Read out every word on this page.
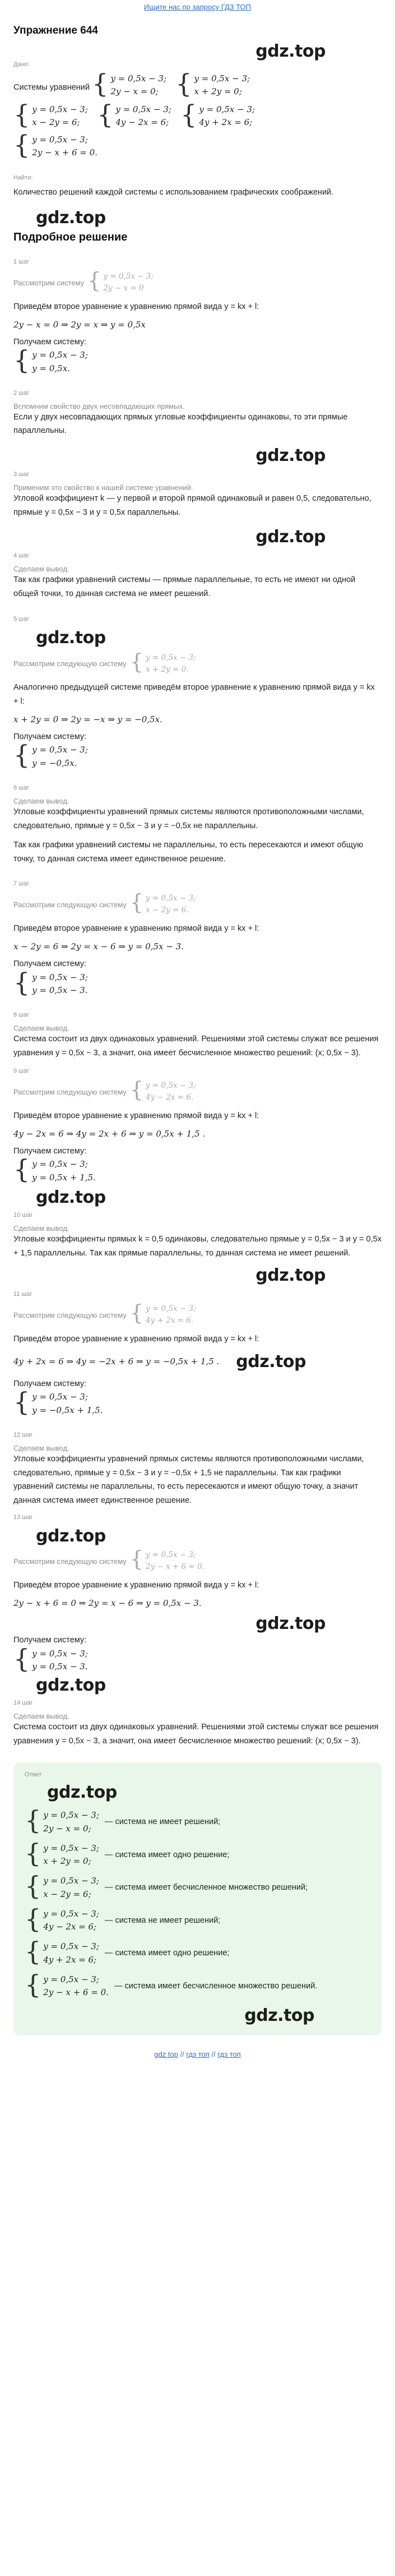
Ищите нас по запросу ГДЗ ТОП
Упражнение 644
gdz.top
Дано:
Системы уравнений { y = 0,5x − 3;
2y − x = 0;
{ y = 0,5x − 3;
x + 2y = 0;

{ y = 0,5x − 3;
x − 2y = 6;
{ y = 0,5x − 3;
4y − 2x = 6;
{ y = 0,5x − 3;
4y + 2x = 6;

{ y = 0,5x − 3;
2y − x + 6 = 0.
Найти:
Количество решений каждой системы с использованием графических соображений.
gdz.top
Подробное решение
1 шаг
Рассмотрим систему { y = 0,5x − 3;
2y − x = 0
Приведём второе уравнение к уравнению прямой вида y = kx + l:
2y − x = 0 ⇒ 2y = x ⇒ y = 0,5x
Получаем систему:
{ y = 0,5x − 3;
y = 0,5x.
2 шаг
Вспомним свойство двух несовпадающих прямых.
Если у двух несовпадающих прямых угловые коэффициенты одинаковы, то эти прямые параллельны.
gdz.top
3 шаг
Применим это свойство к нашей системе уравнений.
Угловой коэффициент k — у первой и второй прямой одинаковый и равен 0,5, следовательно, прямые y = 0,5x − 3 и y = 0,5x параллельны.
gdz.top
4 шаг
Сделаем вывод.
Так как графики уравнений системы — прямые параллельные, то есть не имеют ни одной общей точки, то данная система не имеет решений.
5 шаг
gdz.top
Рассмотрим следующую систему { y = 0,5x − 3;
x + 2y = 0.
Аналогично предыдущей системе приведём второе уравнение к уравнению прямой вида y = kx + l:
x + 2y = 0 ⇒ 2y = −x ⇒ y = −0,5x.
Получаем систему:
{ y = 0,5x − 3;
y = −0,5x.
6 шаг
Сделаем вывод.
Угловые коэффициенты уравнений прямых системы являются противоположными числами, следовательно, прямые y = 0,5x − 3 и y = −0,5x не параллельны.
Так как графики уравнений системы не параллельны, то есть пересекаются и имеют общую точку, то данная система имеет единственное решение.
7 шаг
Рассмотрим следующую систему { y = 0,5x − 3;
x − 2y = 6.
Приведём второе уравнение к уравнению прямой вида y = kx + l:
x − 2y = 6 ⇒ 2y = x − 6 ⇒ y = 0,5x − 3.
Получаем систему:
{ y = 0,5x − 3;
y = 0,5x − 3.
8 шаг
Сделаем вывод.
Система состоит из двух одинаковых уравнений. Решениями этой системы служат все решения уравнения y = 0,5x − 3, а значит, она имеет бесчисленное множество решений: (x; 0,5x − 3).
9 шаг
Рассмотрим следующую систему { y = 0,5x − 3;
4y − 2x = 6.
Приведём второе уравнение к уравнению прямой вида y = kx + l:
4y − 2x = 6 ⇒ 4y = 2x + 6 ⇒ y = 0,5x + 1,5 .
Получаем систему:
{ y = 0,5x − 3;
y = 0,5x + 1,5.
gdz.top
10 шаг
Сделаем вывод.
Угловые коэффициенты прямых k = 0,5 одинаковы, следовательно прямые y = 0,5x − 3 и y = 0,5x + 1,5 параллельны. Так как прямые параллельны, то данная система не имеет решений.
gdz.top
11 шаг
Рассмотрим следующую систему { y = 0,5x − 3;
4y + 2x = 6.
Приведём второе уравнение к уравнению прямой вида y = kx + l:
4y + 2x = 6 ⇒ 4y = −2x + 6 ⇒ y = −0,5x + 1,5 . gdz.top
Получаем систему:
{ y = 0,5x − 3;
y = −0,5x + 1,5.
12 шаг
Сделаем вывод.
Угловые коэффициенты уравнений прямых системы являются противоположными числами, следовательно, прямые y = 0,5x − 3 и y = −0,5x + 1,5 не параллельны. Так как графики уравнений системы не параллельны, то есть пересекаются и имеют общую точку, а значит данная система имеет единственное решение.
13 шаг
gdz.top
Рассмотрим следующую систему { y = 0,5x − 3;
2y − x + 6 = 0.
Приведём второе уравнение к уравнению прямой вида y = kx + l:
2y − x + 6 = 0 ⇒ 2y = x − 6 ⇒ y = 0,5x − 3.
gdz.top
Получаем систему:
{ y = 0,5x − 3;
y = 0,5x − 3.
gdz.top
14 шаг
Сделаем вывод.
Система состоит из двух одинаковых уравнений. Решениями этой системы служат все решения уравнения y = 0,5x − 3, а значит, она имеет бесчисленное множество решений: (x; 0,5x − 3).
Ответ
gdz.top
{ y = 0,5x − 3;
2y − x = 0;
— система не имеет решений;
{ y = 0,5x − 3;
x + 2y = 0;
— система имеет одно решение;
{ y = 0,5x − 3;
x − 2y = 6;
— система имеет бесчисленное множество решений;
{ y = 0,5x − 3;
4y − 2x = 6;
— система не имеет решений;
{ y = 0,5x − 3;
4y + 2x = 6;
— система имеет одно решение;
{ y = 0,5x − 3;
2y − x + 6 = 0.
— система имеет бесчисленное множество решений.
gdz.top
gdz top // гдз топ // гдз топ
